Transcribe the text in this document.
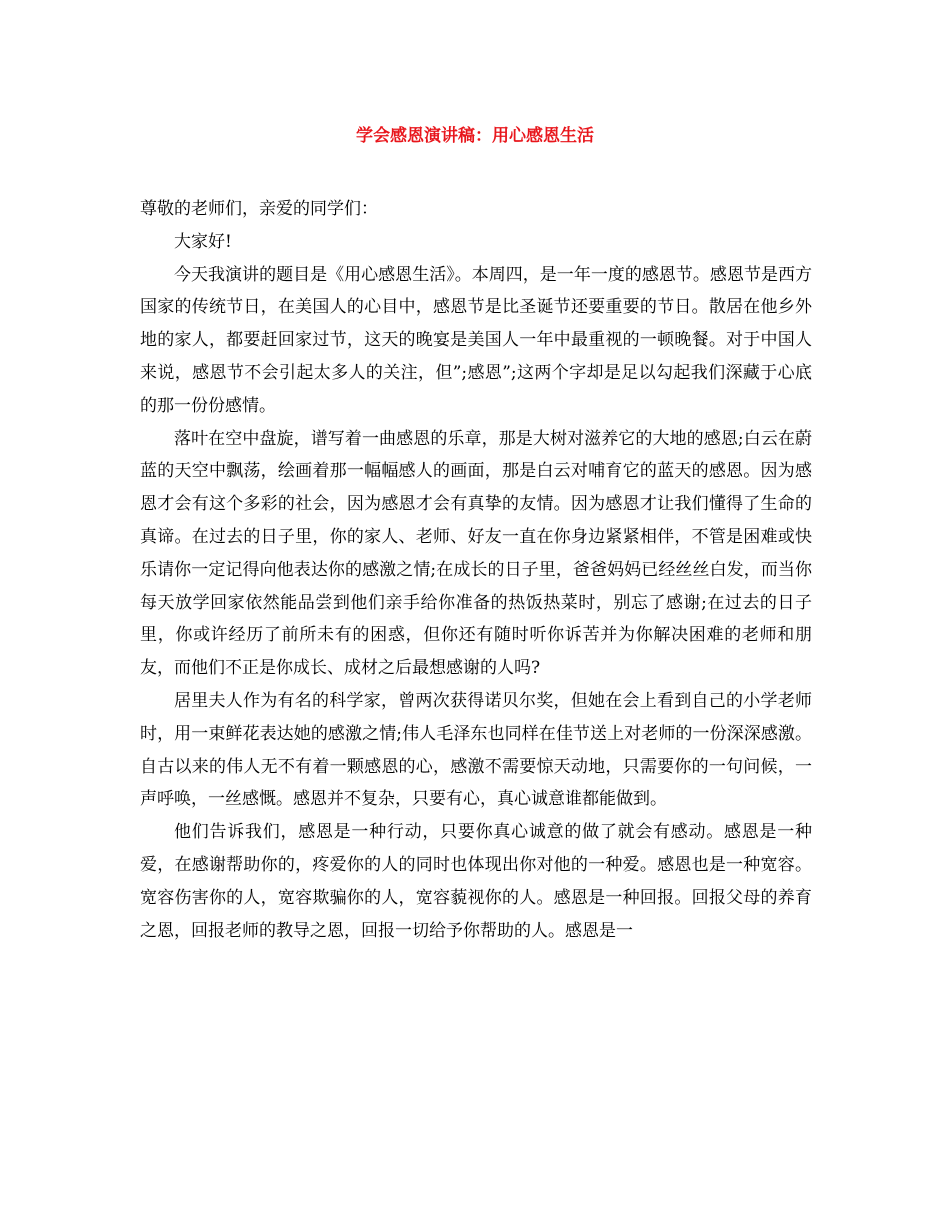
学会感恩演讲稿：用心感恩生活

尊敬的老师们，亲爱的同学们：

大家好!

今天我演讲的题目是《用心感恩生活》。本周四，是一年一度的感恩节。感恩节是西方国家的传统节日，在美国人的心目中，感恩节是比圣诞节还要重要的节日。散居在他乡外地的家人，都要赶回家过节，这天的晚宴是美国人一年中最重视的一顿晚餐。对于中国人来说，感恩节不会引起太多人的关注，但”;感恩”;这两个字却是足以勾起我们深藏于心底的那一份份感情。

落叶在空中盘旋，谱写着一曲感恩的乐章，那是大树对滋养它的大地的感恩;白云在蔚蓝的天空中飘荡，绘画着那一幅幅感人的画面，那是白云对哺育它的蓝天的感恩。因为感恩才会有这个多彩的社会，因为感恩才会有真挚的友情。因为感恩才让我们懂得了生命的真谛。在过去的日子里，你的家人、老师、好友一直在你身边紧紧相伴，不管是困难或快乐请你一定记得向他表达你的感激之情;在成长的日子里，爸爸妈妈已经丝丝白发，而当你每天放学回家依然能品尝到他们亲手给你准备的热饭热菜时，别忘了感谢;在过去的日子里，你或许经历了前所未有的困惑，但你还有随时听你诉苦并为你解决困难的老师和朋友，而他们不正是你成长、成材之后最想感谢的人吗?

居里夫人作为有名的科学家，曾两次获得诺贝尔奖，但她在会上看到自己的小学老师时，用一束鲜花表达她的感激之情;伟人毛泽东也同样在佳节送上对老师的一份深深感激。自古以来的伟人无不有着一颗感恩的心，感激不需要惊天动地，只需要你的一句问候，一声呼唤，一丝感慨。感恩并不复杂，只要有心，真心诚意谁都能做到。

他们告诉我们，感恩是一种行动，只要你真心诚意的做了就会有感动。感恩是一种爱，在感谢帮助你的，疼爱你的人的同时也体现出你对他的一种爱。感恩也是一种宽容。宽容伤害你的人，宽容欺骗你的人，宽容藐视你的人。感恩是一种回报。回报父母的养育之恩，回报老师的教导之恩，回报一切给予你帮助的人。感恩是一
